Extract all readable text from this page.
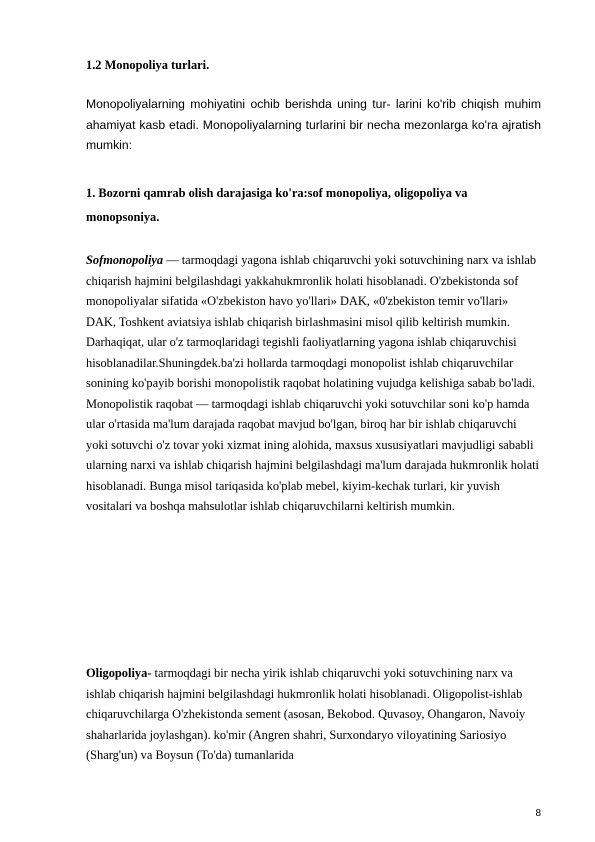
1.2 Monopoliya turlari.

Monopoliyalarning mohiyatini ochib berishda uning tur- larini ko'rib chiqish muhim ahamiyat kasb etadi. Monopoliyalarning turlarini bir necha mezonlarga ko'ra ajratish mumkin:

1. Bozorni qamrab olish darajasiga ko'ra:sof monopoliya, oligopoliya va monopsoniya.

Sofmonopoliya — tarmoqdagi yagona ishlab chiqaruvchi yoki sotuvchining narx va ishlab chiqarish hajmini belgilashdagi yakkahukmronlik holati hisoblanadi. O'zbekistonda sof monopoliyalar sifatida «O'zbekiston havo yo'llari» DAK, «0'zbekiston temir vo'llari» DAK, Toshkent aviatsiya ishlab chiqarish birlashmasini misol qilib keltirish mumkin. Darhaqiqat, ular o'z tarmoqlaridagi tegishli faoliyatlarning yagona ishlab chiqaruvchisi hisoblanadilar.Shuningdek.ba'zi hollarda tarmoqdagi monopolist ishlab chiqaruvchilar sonining ko'payib borishi monopolistik raqobat holatining vujudga kelishiga sabab bo'ladi. Monopolistik raqobat — tarmoqdagi ishlab chiqaruvchi yoki sotuvchilar soni ko'p hamda ular o'rtasida ma'lum darajada raqobat mavjud bo'lgan, biroq har bir ishlab chiqaruvchi yoki sotuvchi o'z tovar yoki xizmat ining alohida, maxsus xususiyatlari mavjudligi sababli ularning narxi va ishlab chiqarish hajmini belgilashdagi ma'lum darajada hukmronlik holati hisoblanadi. Bunga misol tariqasida ko'plab mebel, kiyim-kechak turlari, kir yuvish vositalari va boshqa mahsulotlar ishlab chiqaruvchilarni keltirish mumkin.

Oligopoliya- tarmoqdagi bir necha yirik ishlab chiqaruvchi yoki sotuvchining narx va ishlab chiqarish hajmini belgilashdagi hukmronlik holati hisoblanadi. Oligopolist-ishlab chiqaruvchilarga O'zhekistonda sement (asosan, Bekobod. Quvasoy, Ohangaron, Navoiy shaharlarida joylashgan). ko'mir (Angren shahri, Surxondaryo viloyatining Sariosiyo (Sharg'un) va Boysun (To'da) tumanlarida

8
